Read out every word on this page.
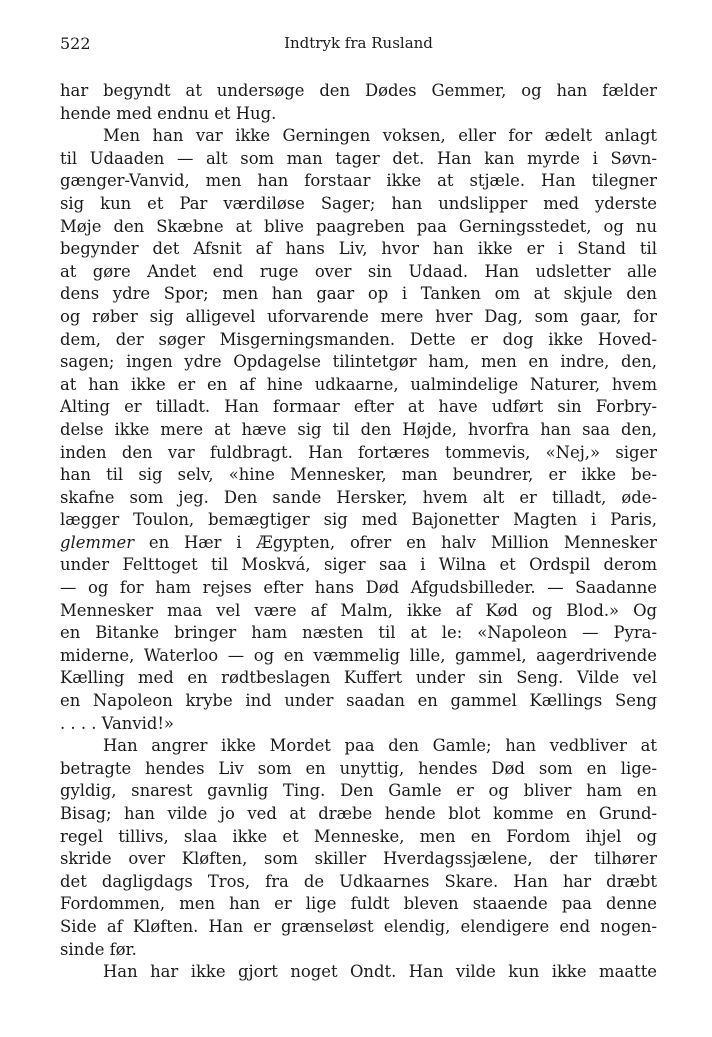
522	Indtryk fra Rusland

har begyndt at undersøge den Dødes Gemmer, og han fælder
hende med endnu et Hug.

Men han var ikke Gerningen voksen, eller for ædelt anlagt
til Udaaden — alt som man tager det. Han kan myrde i Søvn-
gænger-Vanvid, men han forstaar ikke at stjæle. Han tilegner
sig kun et Par værdiløse Sager; han undslipper med yderste
Møje den Skæbne at blive paagreben paa Gerningsstedet, og nu
begynder det Afsnit af hans Liv, hvor han ikke er i Stand til
at gøre Andet end ruge over sin Udaad. Han udsletter alle
dens ydre Spor; men han gaar op i Tanken om at skjule den
og røber sig alligevel uforvarende mere hver Dag, som gaar, for
dem, der søger Misgerningsmanden. Dette er dog ikke Hoved-
sagen; ingen ydre Opdagelse tilintetgør ham, men en indre, den,
at han ikke er en af hine udkaarne, ualmindelige Naturer, hvem
Alting er tilladt. Han formaar efter at have udført sin Forbry-
delse ikke mere at hæve sig til den Højde, hvorfra han saa den,
inden den var fuldbragt. Han fortæres tommevis, «Nej,» siger
han til sig selv, «hine Mennesker, man beundrer, er ikke be-
skafne som jeg. Den sande Hersker, hvem alt er tilladt, øde-
lægger Toulon, bemægtiger sig med Bajonetter Magten i Paris,
glemmer en Hær i Ægypten, ofrer en halv Million Mennesker
under Felttoget til Moskvá, siger saa i Wilna et Ordspil derom
— og for ham rejses efter hans Død Afgudsbilleder. — Saadanne
Mennesker maa vel være af Malm, ikke af Kød og Blod.» Og
en Bitanke bringer ham næsten til at le: «Napoleon — Pyra-
miderne, Waterloo — og en væmmelig lille, gammel, aagerdrivende
Kælling med en rødtbeslagen Kuffert under sin Seng. Vilde vel
en Napoleon krybe ind under saadan en gammel Kællings Seng
. . . . Vanvid!»

Han angrer ikke Mordet paa den Gamle; han vedbliver at
betragte hendes Liv som en unyttig, hendes Død som en lige-
gyldig, snarest gavnlig Ting. Den Gamle er og bliver ham en
Bisag; han vilde jo ved at dræbe hende blot komme en Grund-
regel tillivs, slaa ikke et Menneske, men en Fordom ihjel og
skride over Kløften, som skiller Hverdagssjælene, der tilhører
det dagligdags Tros, fra de Udkaarnes Skare. Han har dræbt
Fordommen, men han er lige fuldt bleven staaende paa denne
Side af Kløften. Han er grænseløst elendig, elendigere end nogen-
sinde før.

Han har ikke gjort noget Ondt. Han vilde kun ikke maatte
